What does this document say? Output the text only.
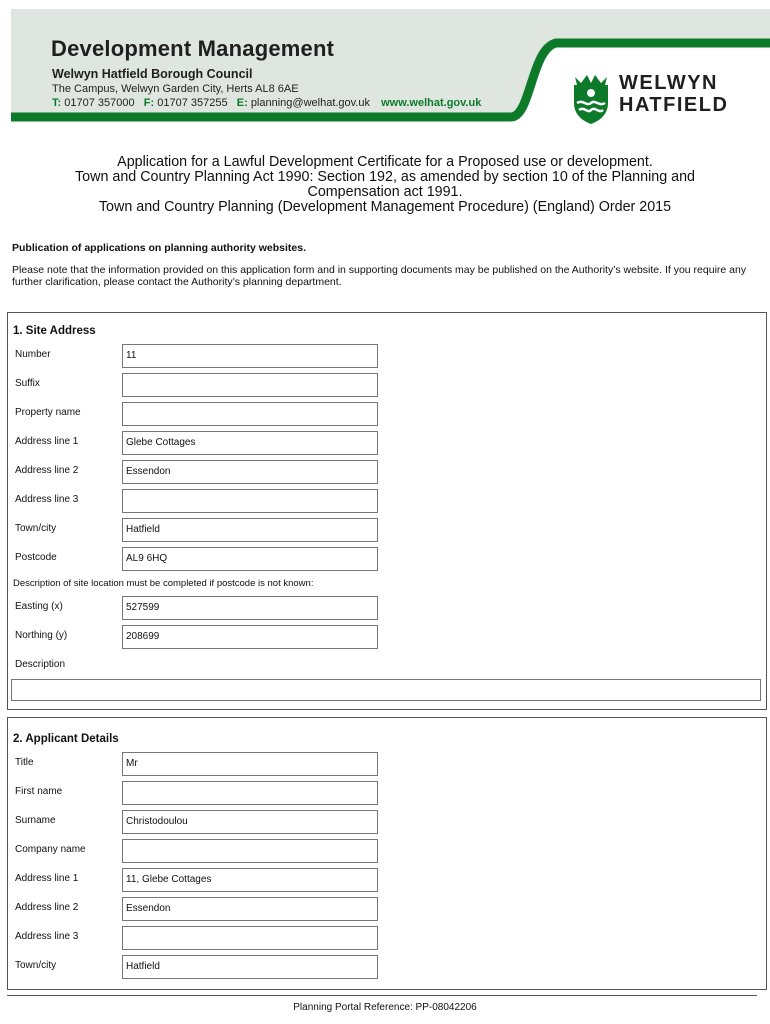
Development Management
Welwyn Hatfield Borough Council
The Campus, Welwyn Garden City, Herts AL8 6AE
T: 01707 357000 F: 01707 357255 E: planning@welhat.gov.uk www.welhat.gov.uk
WELWYN
HATFIELD
Application for a Lawful Development Certificate for a Proposed use or development.
Town and Country Planning Act 1990: Section 192, as amended by section 10 of the Planning and
Compensation act 1991.
Town and Country Planning (Development Management Procedure) (England) Order 2015
Publication of applications on planning authority websites.
Please note that the information provided on this application form and in supporting documents may be published on the Authority’s website. If you require any further clarification, please contact the Authority’s planning department.
1. Site Address
Number	11
Suffix
Property name
Address line 1	Glebe Cottages
Address line 2	Essendon
Address line 3
Town/city	Hatfield
Postcode	AL9 6HQ
Description of site location must be completed if postcode is not known:
Easting (x)	527599
Northing (y)	208699
Description
2. Applicant Details
Title	Mr
First name
Surname	Christodoulou
Company name
Address line 1	11, Glebe Cottages
Address line 2	Essendon
Address line 3
Town/city	Hatfield
Planning Portal Reference: PP-08042206
